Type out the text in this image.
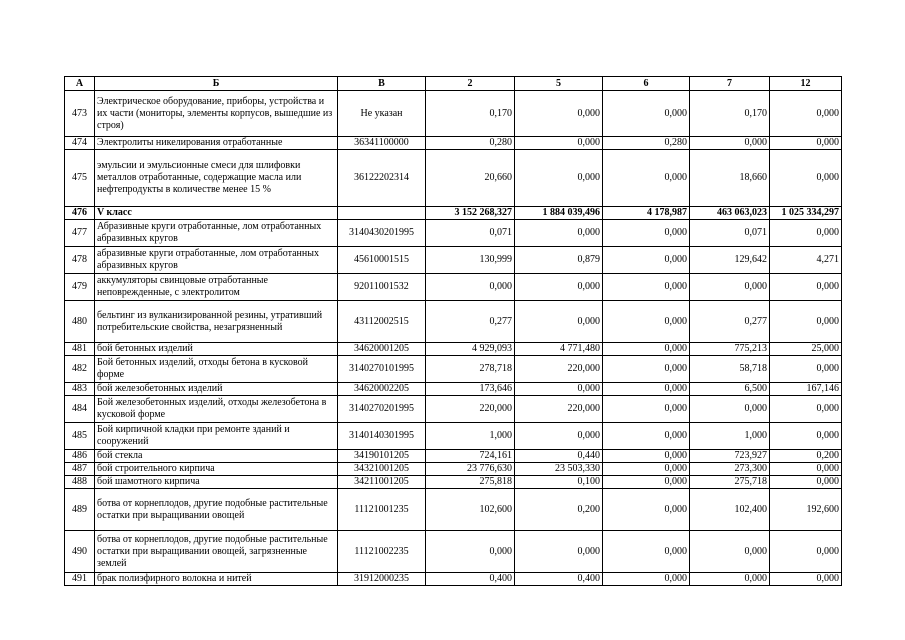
А	Б	В	2	5	6	7	12
473	Электрическое оборудование, приборы, устройства и их части (мониторы, элементы корпусов, вышедшие из строя)	Не указан	0,170	0,000	0,000	0,170	0,000
474	Электролиты никелирования отработанные	36341100000	0,280	0,000	0,280	0,000	0,000
475	эмульсии и эмульсионные смеси для шлифовки металлов отработанные, содержащие масла или нефтепродукты в количестве менее 15 %	36122202314	20,660	0,000	0,000	18,660	0,000
476	V класс		3 152 268,327	1 884 039,496	4 178,987	463 063,023	1 025 334,297
477	Абразивные круги отработанные, лом отработанных абразивных кругов	3140430201995	0,071	0,000	0,000	0,071	0,000
478	абразивные круги отработанные, лом отработанных абразивных кругов	45610001515	130,999	0,879	0,000	129,642	4,271
479	аккумуляторы свинцовые отработанные неповрежденные, с электролитом	92011001532	0,000	0,000	0,000	0,000	0,000
480	бельтинг из вулканизированной резины, утративший потребительские свойства, незагрязненный	43112002515	0,277	0,000	0,000	0,277	0,000
481	бой бетонных изделий	34620001205	4 929,093	4 771,480	0,000	775,213	25,000
482	Бой бетонных изделий, отходы бетона в кусковой форме	3140270101995	278,718	220,000	0,000	58,718	0,000
483	бой железобетонных изделий	34620002205	173,646	0,000	0,000	6,500	167,146
484	Бой железобетонных изделий, отходы железобетона в кусковой форме	3140270201995	220,000	220,000	0,000	0,000	0,000
485	Бой кирпичной кладки при ремонте зданий и сооружений	3140140301995	1,000	0,000	0,000	1,000	0,000
486	бой стекла	34190101205	724,161	0,440	0,000	723,927	0,200
487	бой строительного кирпича	34321001205	23 776,630	23 503,330	0,000	273,300	0,000
488	бой шамотного кирпича	34211001205	275,818	0,100	0,000	275,718	0,000
489	ботва от корнеплодов, другие подобные растительные остатки при выращивании овощей	11121001235	102,600	0,200	0,000	102,400	192,600
490	ботва от корнеплодов, другие подобные растительные остатки при выращивании овощей, загрязненные землей	11121002235	0,000	0,000	0,000	0,000	0,000
491	брак полиэфирного волокна и нитей	31912000235	0,400	0,400	0,000	0,000	0,000
